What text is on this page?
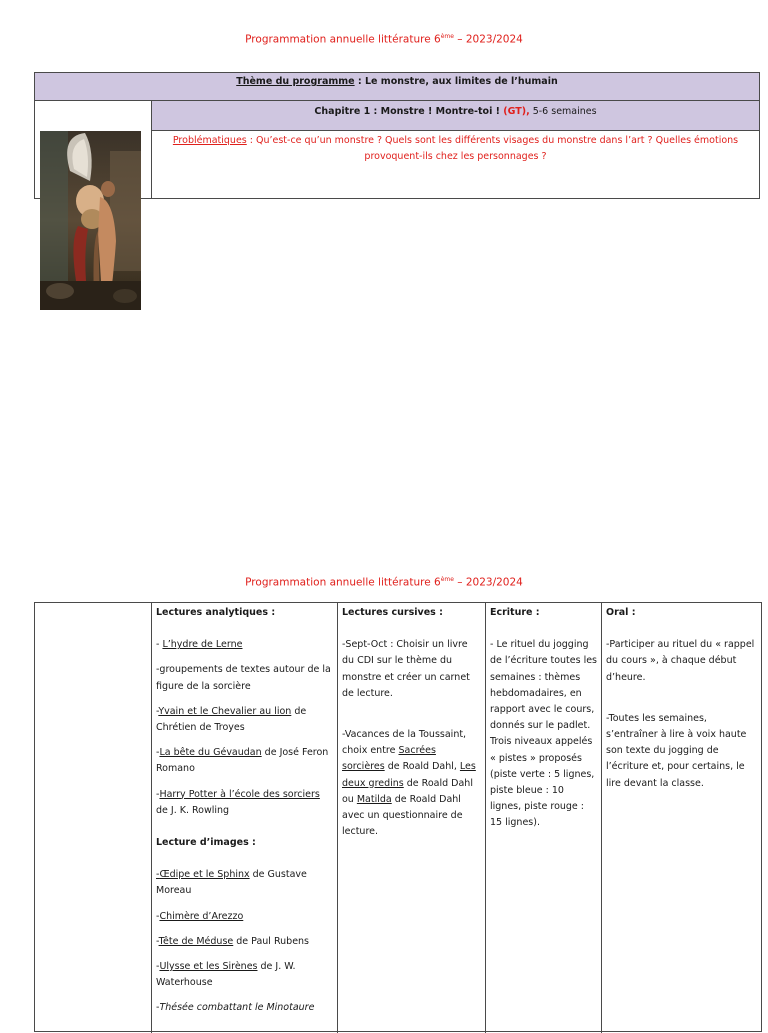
Programmation annuelle littérature 6ème – 2023/2024
Thème du programme : Le monstre, aux limites de l’humain
Chapitre 1 : Monstre ! Montre-toi ! (GT), 5-6 semaines
Problématiques : Qu’est-ce qu’un monstre ? Quels sont les différents visages du monstre dans l’art ? Quelles émotions provoquent-ils chez les personnages ?
Programmation annuelle littérature 6ème – 2023/2024
Lectures analytiques :

- L’hydre de Lerne

-groupements de textes autour de la figure de la sorcière

-Yvain et le Chevalier au lion de Chrétien de Troyes

-La bête du Gévaudan de José Feron Romano

-Harry Potter à l’école des sorciers de J. K. Rowling

Lecture d’images :

-Œdipe et le Sphinx de Gustave Moreau

-Chimère d’Arezzo

-Tête de Méduse de Paul Rubens

-Ulysse et les Sirènes de J. W. Waterhouse

-Thésée combattant le Minotaure

Lectures cursives :

-Sept-Oct : Choisir un livre du CDI sur le thème du monstre et créer un carnet de lecture.

-Vacances de la Toussaint, choix entre Sacrées sorcières de Roald Dahl, Les deux gredins de Roald Dahl ou Matilda de Roald Dahl avec un questionnaire de lecture.

Ecriture :

- Le rituel du jogging de l’écriture toutes les semaines : thèmes hebdomadaires, en rapport avec le cours, donnés sur le padlet. Trois niveaux appelés « pistes » proposés (piste verte : 5 lignes, piste bleue : 10 lignes, piste rouge : 15 lignes).

Oral :

-Participer au rituel du « rappel du cours », à chaque début d’heure.

-Toutes les semaines, s’entraîner à lire à voix haute son texte du jogging de l’écriture et, pour certains, le lire devant la classe.
